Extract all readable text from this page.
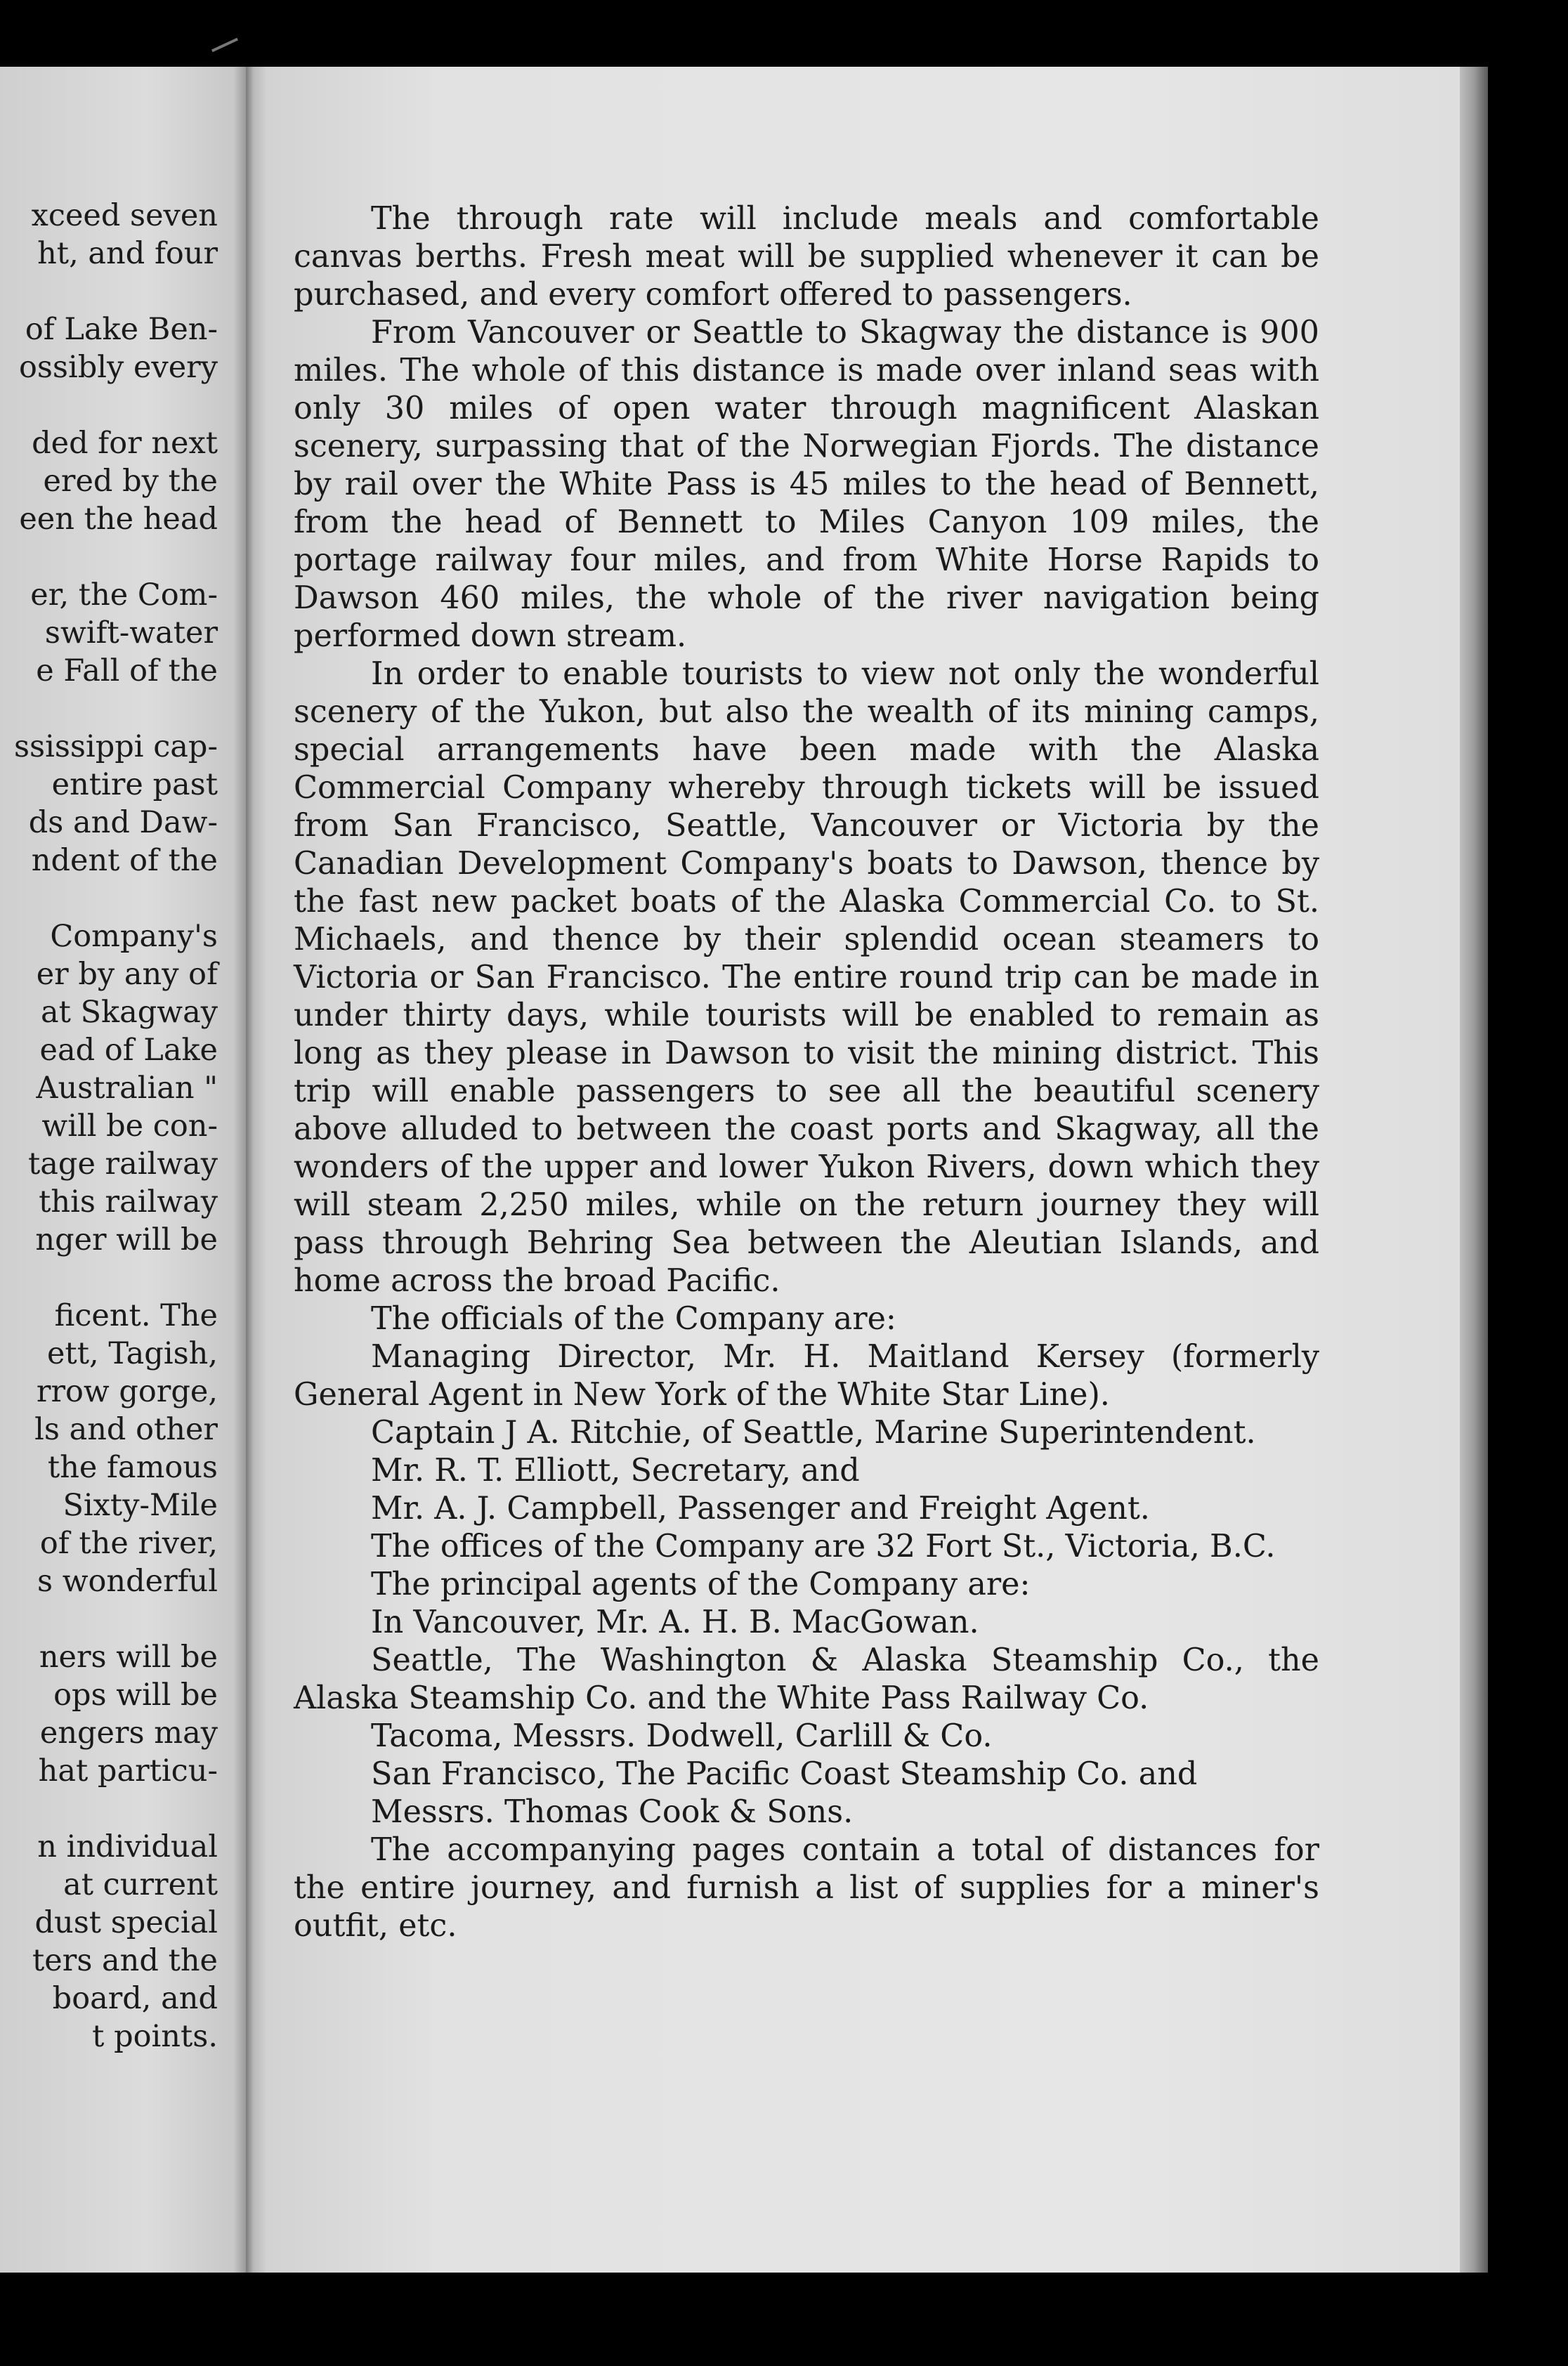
xceed seven
ht, and four
of Lake Ben-
ossibly every
ded for next
ered by the
een the head
er, the Com-
swift-water
e Fall of the
ssissippi cap-
entire past
ds and Daw-
ndent of the
Company's
er by any of
at Skagway
ead of Lake
Australian "
will be con-
tage railway
this railway
nger will be
ficent. The
ett, Tagish,
rrow gorge,
ls and other
the famous
Sixty-Mile
of the river,
s wonderful
ners will be
ops will be
engers may
hat particu-
n individual
at current
dust special
ters and the
board, and
t points.

The through rate will include meals and comfortable canvas berths. Fresh meat will be supplied whenever it can be purchased, and every comfort offered to passengers.

From Vancouver or Seattle to Skagway the distance is 900 miles. The whole of this distance is made over inland seas with only 30 miles of open water through magnificent Alaskan scenery, surpassing that of the Norwegian Fjords. The distance by rail over the White Pass is 45 miles to the head of Bennett, from the head of Bennett to Miles Canyon 109 miles, the portage railway four miles, and from White Horse Rapids to Dawson 460 miles, the whole of the river navigation being performed down stream.

In order to enable tourists to view not only the wonderful scenery of the Yukon, but also the wealth of its mining camps, special arrangements have been made with the Alaska Commercial Company whereby through tickets will be issued from San Francisco, Seattle, Vancouver or Victoria by the Canadian Development Company's boats to Dawson, thence by the fast new packet boats of the Alaska Commercial Co. to St. Michaels, and thence by their splendid ocean steamers to Victoria or San Francisco. The entire round trip can be made in under thirty days, while tourists will be enabled to remain as long as they please in Dawson to visit the mining district. This trip will enable passengers to see all the beautiful scenery above alluded to between the coast ports and Skagway, all the wonders of the upper and lower Yukon Rivers, down which they will steam 2,250 miles, while on the return journey they will pass through Behring Sea between the Aleutian Islands, and home across the broad Pacific.

The officials of the Company are:

Managing Director, Mr. H. Maitland Kersey (formerly General Agent in New York of the White Star Line).

Captain J A. Ritchie, of Seattle, Marine Superintendent.

Mr. R. T. Elliott, Secretary, and

Mr. A. J. Campbell, Passenger and Freight Agent.

The offices of the Company are 32 Fort St., Victoria, B.C.

The principal agents of the Company are:

In Vancouver, Mr. A. H. B. MacGowan.

Seattle, The Washington & Alaska Steamship Co., the Alaska Steamship Co. and the White Pass Railway Co.

Tacoma, Messrs. Dodwell, Carlill & Co.

San Francisco, The Pacific Coast Steamship Co. and

Messrs. Thomas Cook & Sons.

The accompanying pages contain a total of distances for the entire journey, and furnish a list of supplies for a miner's outfit, etc.
